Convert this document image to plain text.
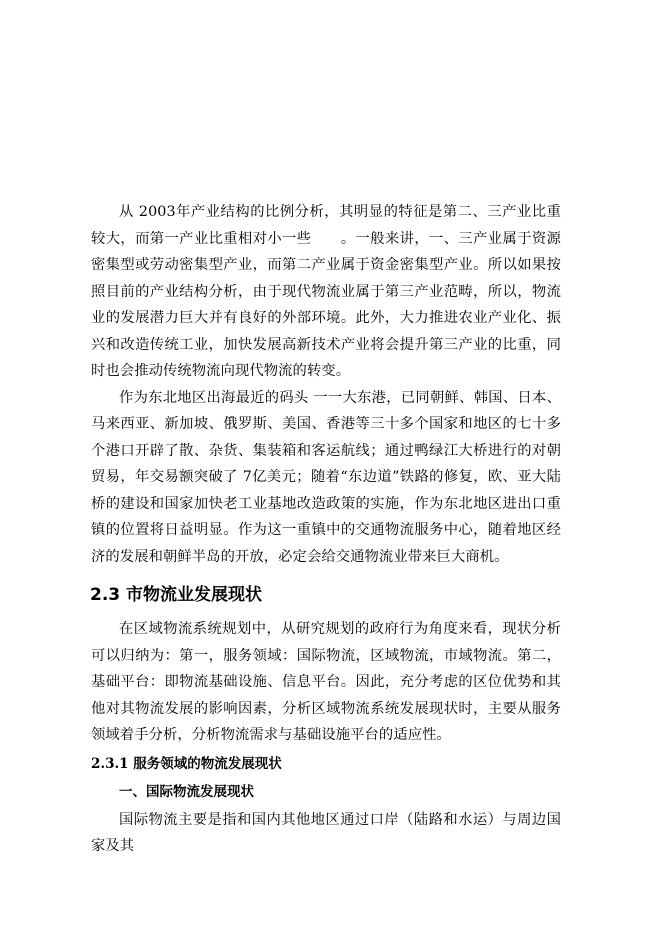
从 2003年产业结构的比例分析，其明显的特征是第二、三产业比重较大，而第一产业比重相对小一些　　。一般来讲，一、三产业属于资源密集型或劳动密集型产业，而第二产业属于资金密集型产业。所以如果按照目前的产业结构分析，由于现代物流业属于第三产业范畴，所以，物流业的发展潜力巨大并有良好的外部环境。此外，大力推进农业产业化、振兴和改造传统工业，加快发展高新技术产业将会提升第三产业的比重，同时也会推动传统物流向现代物流的转变。

作为东北地区出海最近的码头 一一大东港，已同朝鲜、韩国、日本、马来西亚、新加坡、俄罗斯、美国、香港等三十多个国家和地区的七十多个港口开辟了散、杂货、集装箱和客运航线；通过鸭绿江大桥进行的对朝贸易，年交易额突破了 7亿美元；随着“东边道”铁路的修复，欧、亚大陆桥的建设和国家加快老工业基地改造政策的实施，作为东北地区进出口重镇的位置将日益明显。作为这一重镇中的交通物流服务中心，随着地区经济的发展和朝鲜半岛的开放，必定会给交通物流业带来巨大商机。

2.3 市物流业发展现状

在区域物流系统规划中，从研究规划的政府行为角度来看，现状分析可以归纳为：第一，服务领域：国际物流，区域物流，市域物流。第二，基础平台：即物流基础设施、信息平台。因此，充分考虑的区位优势和其他对其物流发展的影响因素，分析区域物流系统发展现状时，主要从服务领域着手分析，分析物流需求与基础设施平台的适应性。

2.3.1 服务领域的物流发展现状
一、国际物流发展现状

国际物流主要是指和国内其他地区通过口岸（陆路和水运）与周边国家及其
